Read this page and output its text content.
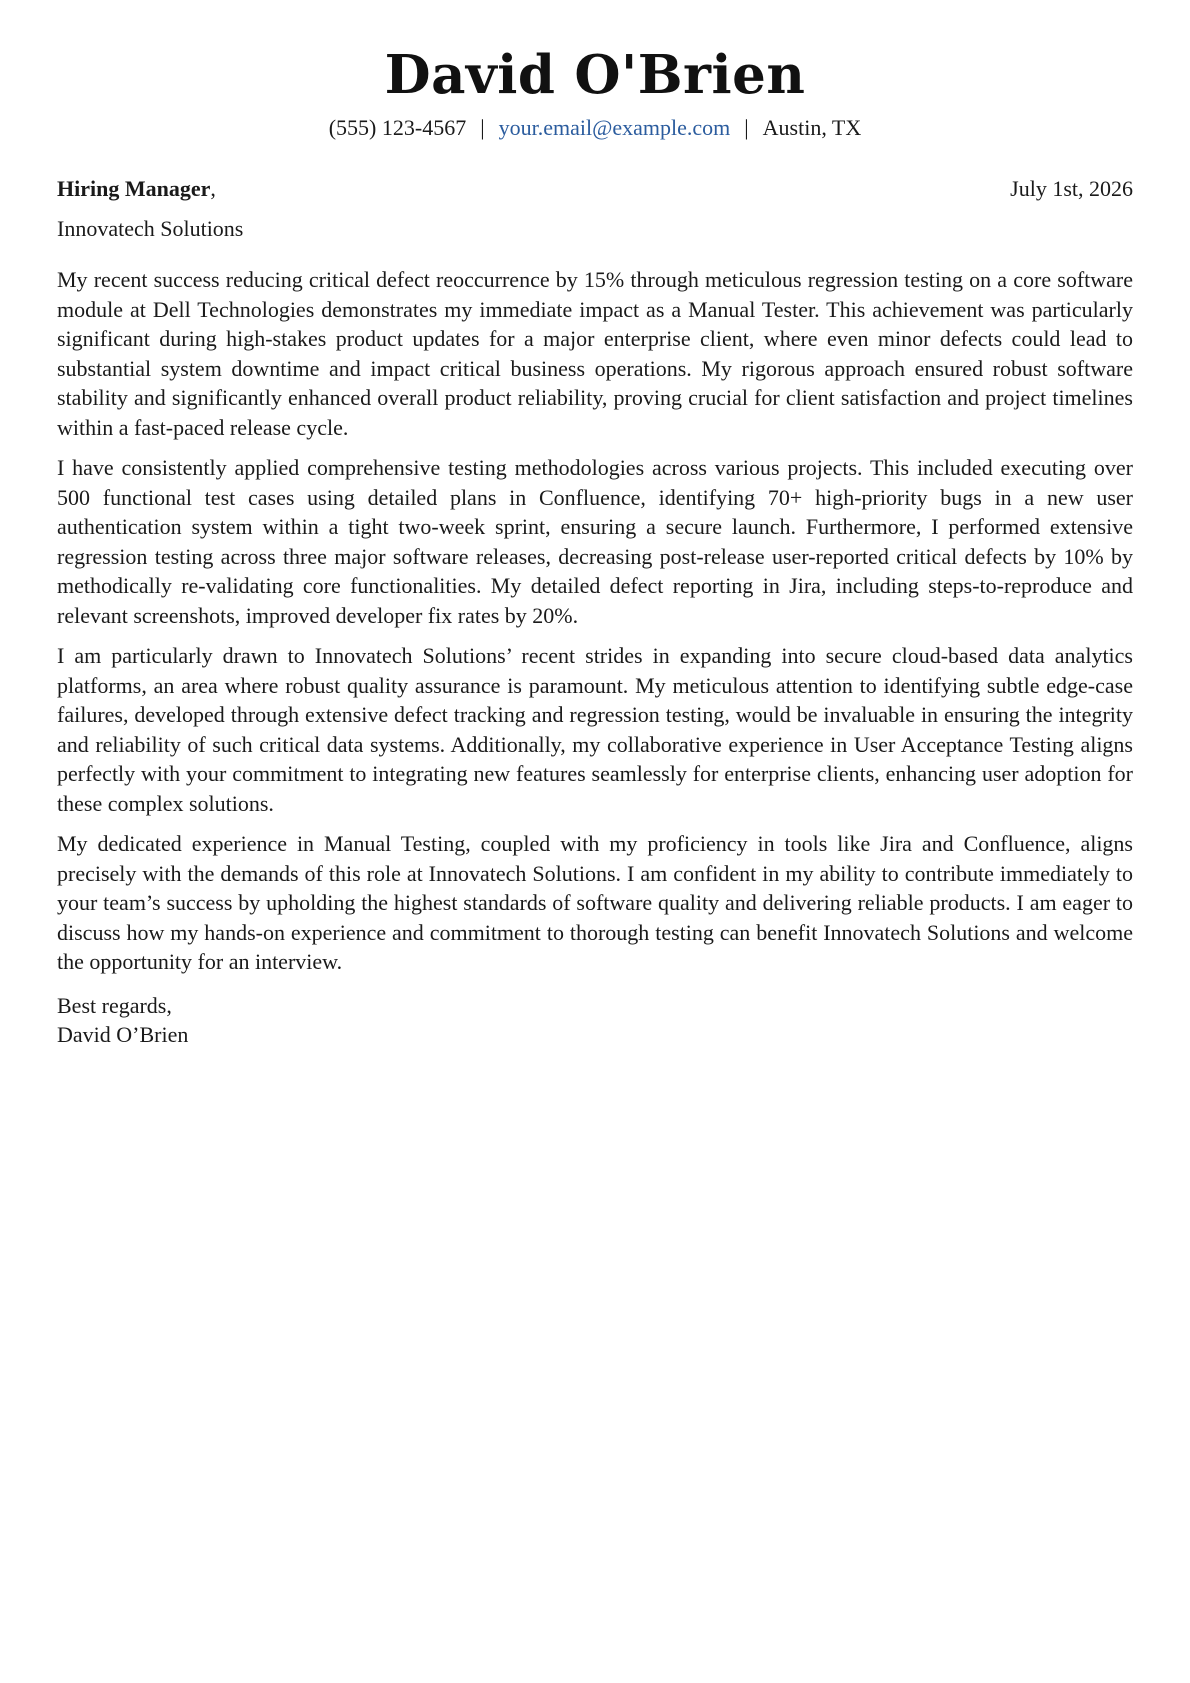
David O'Brien
(555) 123-4567 | your.email@example.com | Austin, TX
Hiring Manager,	July 1st, 2026
Innovatech Solutions

My recent success reducing critical defect reoccurrence by 15% through meticulous regression testing on a core software module at Dell Technologies demonstrates my immediate impact as a Manual Tester. This achievement was particularly significant during high-stakes product updates for a major enterprise client, where even minor defects could lead to substantial system downtime and impact critical business operations. My rigorous approach ensured robust software stability and significantly enhanced overall product reliability, proving crucial for client satisfaction and project timelines within a fast-paced release cycle.

I have consistently applied comprehensive testing methodologies across various projects. This included executing over 500 functional test cases using detailed plans in Confluence, identifying 70+ high-priority bugs in a new user authentication system within a tight two-week sprint, ensuring a secure launch. Furthermore, I performed extensive regression testing across three major software releases, decreasing post-release user-reported critical defects by 10% by methodically re-validating core functionalities. My detailed defect reporting in Jira, including steps-to-reproduce and relevant screenshots, improved developer fix rates by 20%.

I am particularly drawn to Innovatech Solutions’ recent strides in expanding into secure cloud-based data analytics platforms, an area where robust quality assurance is paramount. My meticulous attention to identifying subtle edge-case failures, developed through extensive defect tracking and regression testing, would be invaluable in ensuring the integrity and reliability of such critical data systems. Additionally, my collaborative experience in User Acceptance Testing aligns perfectly with your commitment to integrating new features seamlessly for enterprise clients, enhancing user adoption for these complex solutions.

My dedicated experience in Manual Testing, coupled with my proficiency in tools like Jira and Confluence, aligns precisely with the demands of this role at Innovatech Solutions. I am confident in my ability to contribute immediately to your team’s success by upholding the highest standards of software quality and delivering reliable products. I am eager to discuss how my hands-on experience and commitment to thorough testing can benefit Innovatech Solutions and welcome the opportunity for an interview.

Best regards,
David O’Brien
